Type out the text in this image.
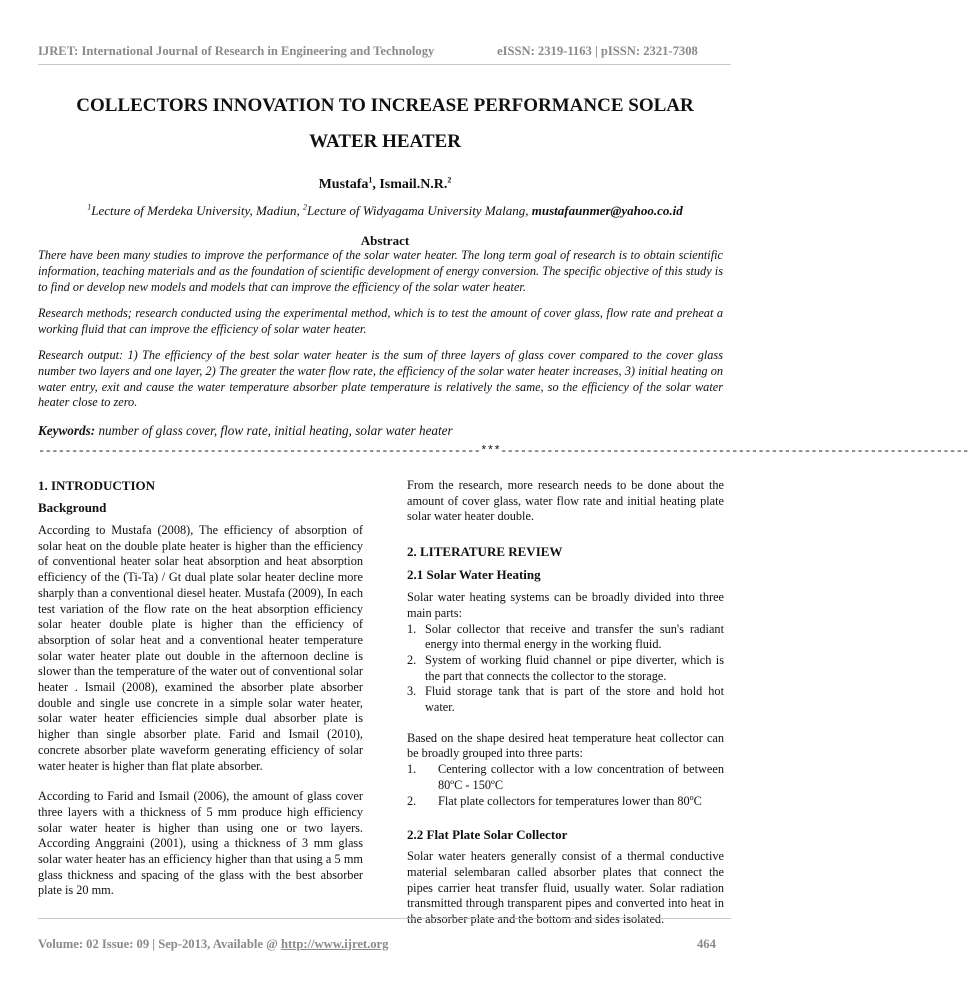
IJRET: International Journal of Research in Engineering and Technology	eISSN: 2319-1163 | pISSN: 2321-7308
COLLECTORS INNOVATION TO INCREASE PERFORMANCE SOLAR
WATER HEATER
Mustafa$^1$, Ismail.N.R.$^2$
$^1$Lecture of Merdeka University, Madiun, $^2$Lecture of Widyagama University Malang, mustafaunmer@yahoo.co.id
Abstract
There have been many studies to improve the performance of the solar water heater. The long term goal of research is to obtain scientific information, teaching materials and as the foundation of scientific development of energy conversion. The specific objective of this study is to find or develop new models and models that can improve the efficiency of the solar water heater.
Research methods; research conducted using the experimental method, which is to test the amount of cover glass, flow rate and preheat a working fluid that can improve the efficiency of solar water heater.
Research output: 1) The efficiency of the best solar water heater is the sum of three layers of glass cover compared to the cover glass number two layers and one layer, 2) The greater the water flow rate, the efficiency of the solar water heater increases, 3) initial heating on water entry, exit and cause the water temperature absorber plate temperature is relatively the same, so the efficiency of the solar water heater close to zero.
Keywords: number of glass cover, flow rate, initial heating, solar water heater
-------------------------------------------------------------------***-----------------------------------------------------------------------
1. INTRODUCTION
Background
According to Mustafa (2008), The efficiency of absorption of solar heat on the double plate heater is higher than the efficiency of conventional heater solar heat absorption and heat absorption efficiency of the (Ti-Ta) / Gt dual plate solar heater decline more sharply than a conventional diesel heater. Mustafa (2009), In each test variation of the flow rate on the heat absorption efficiency solar heater double plate is higher than the efficiency of absorption of solar heat and a conventional heater temperature solar water heater plate out double in the afternoon decline is slower than the temperature of the water out of conventional solar heater . Ismail (2008), examined the absorber plate absorber double and single use concrete in a simple solar water heater, solar water heater efficiencies simple dual absorber plate is higher than single absorber plate. Farid and Ismail (2010), concrete absorber plate waveform generating efficiency of solar water heater is higher than flat plate absorber.
According to Farid and Ismail (2006), the amount of glass cover three layers with a thickness of 5 mm produce high efficiency solar water heater is higher than using one or two layers. According Anggraini (2001), using a thickness of 3 mm glass solar water heater has an efficiency higher than that using a 5 mm glass thickness and spacing of the glass with the best absorber plate is 20 mm.
From the research, more research needs to be done about the amount of cover glass, water flow rate and initial heating plate solar water heater double.
2. LITERATURE REVIEW
2.1 Solar Water Heating
Solar water heating systems can be broadly divided into three main parts:
1. Solar collector that receive and transfer the sun's radiant energy into thermal energy in the working fluid.
2. System of working fluid channel or pipe diverter, which is the part that connects the collector to the storage.
3. Fluid storage tank that is part of the store and hold hot water.
Based on the shape desired heat temperature heat collector can be broadly grouped into three parts:
1.	Centering collector with a low concentration of between 80ºC - 150ºC
2.	Flat plate collectors for temperatures lower than 80$^o$C
2.2 Flat Plate Solar Collector
Solar water heaters generally consist of a thermal conductive material selembaran called absorber plates that connect the pipes carrier heat transfer fluid, usually water. Solar radiation transmitted through transparent pipes and converted into heat in the absorber plate and the bottom and sides isolated.
Volume: 02 Issue: 09 | Sep-2013, Available @ http://www.ijret.org	464
